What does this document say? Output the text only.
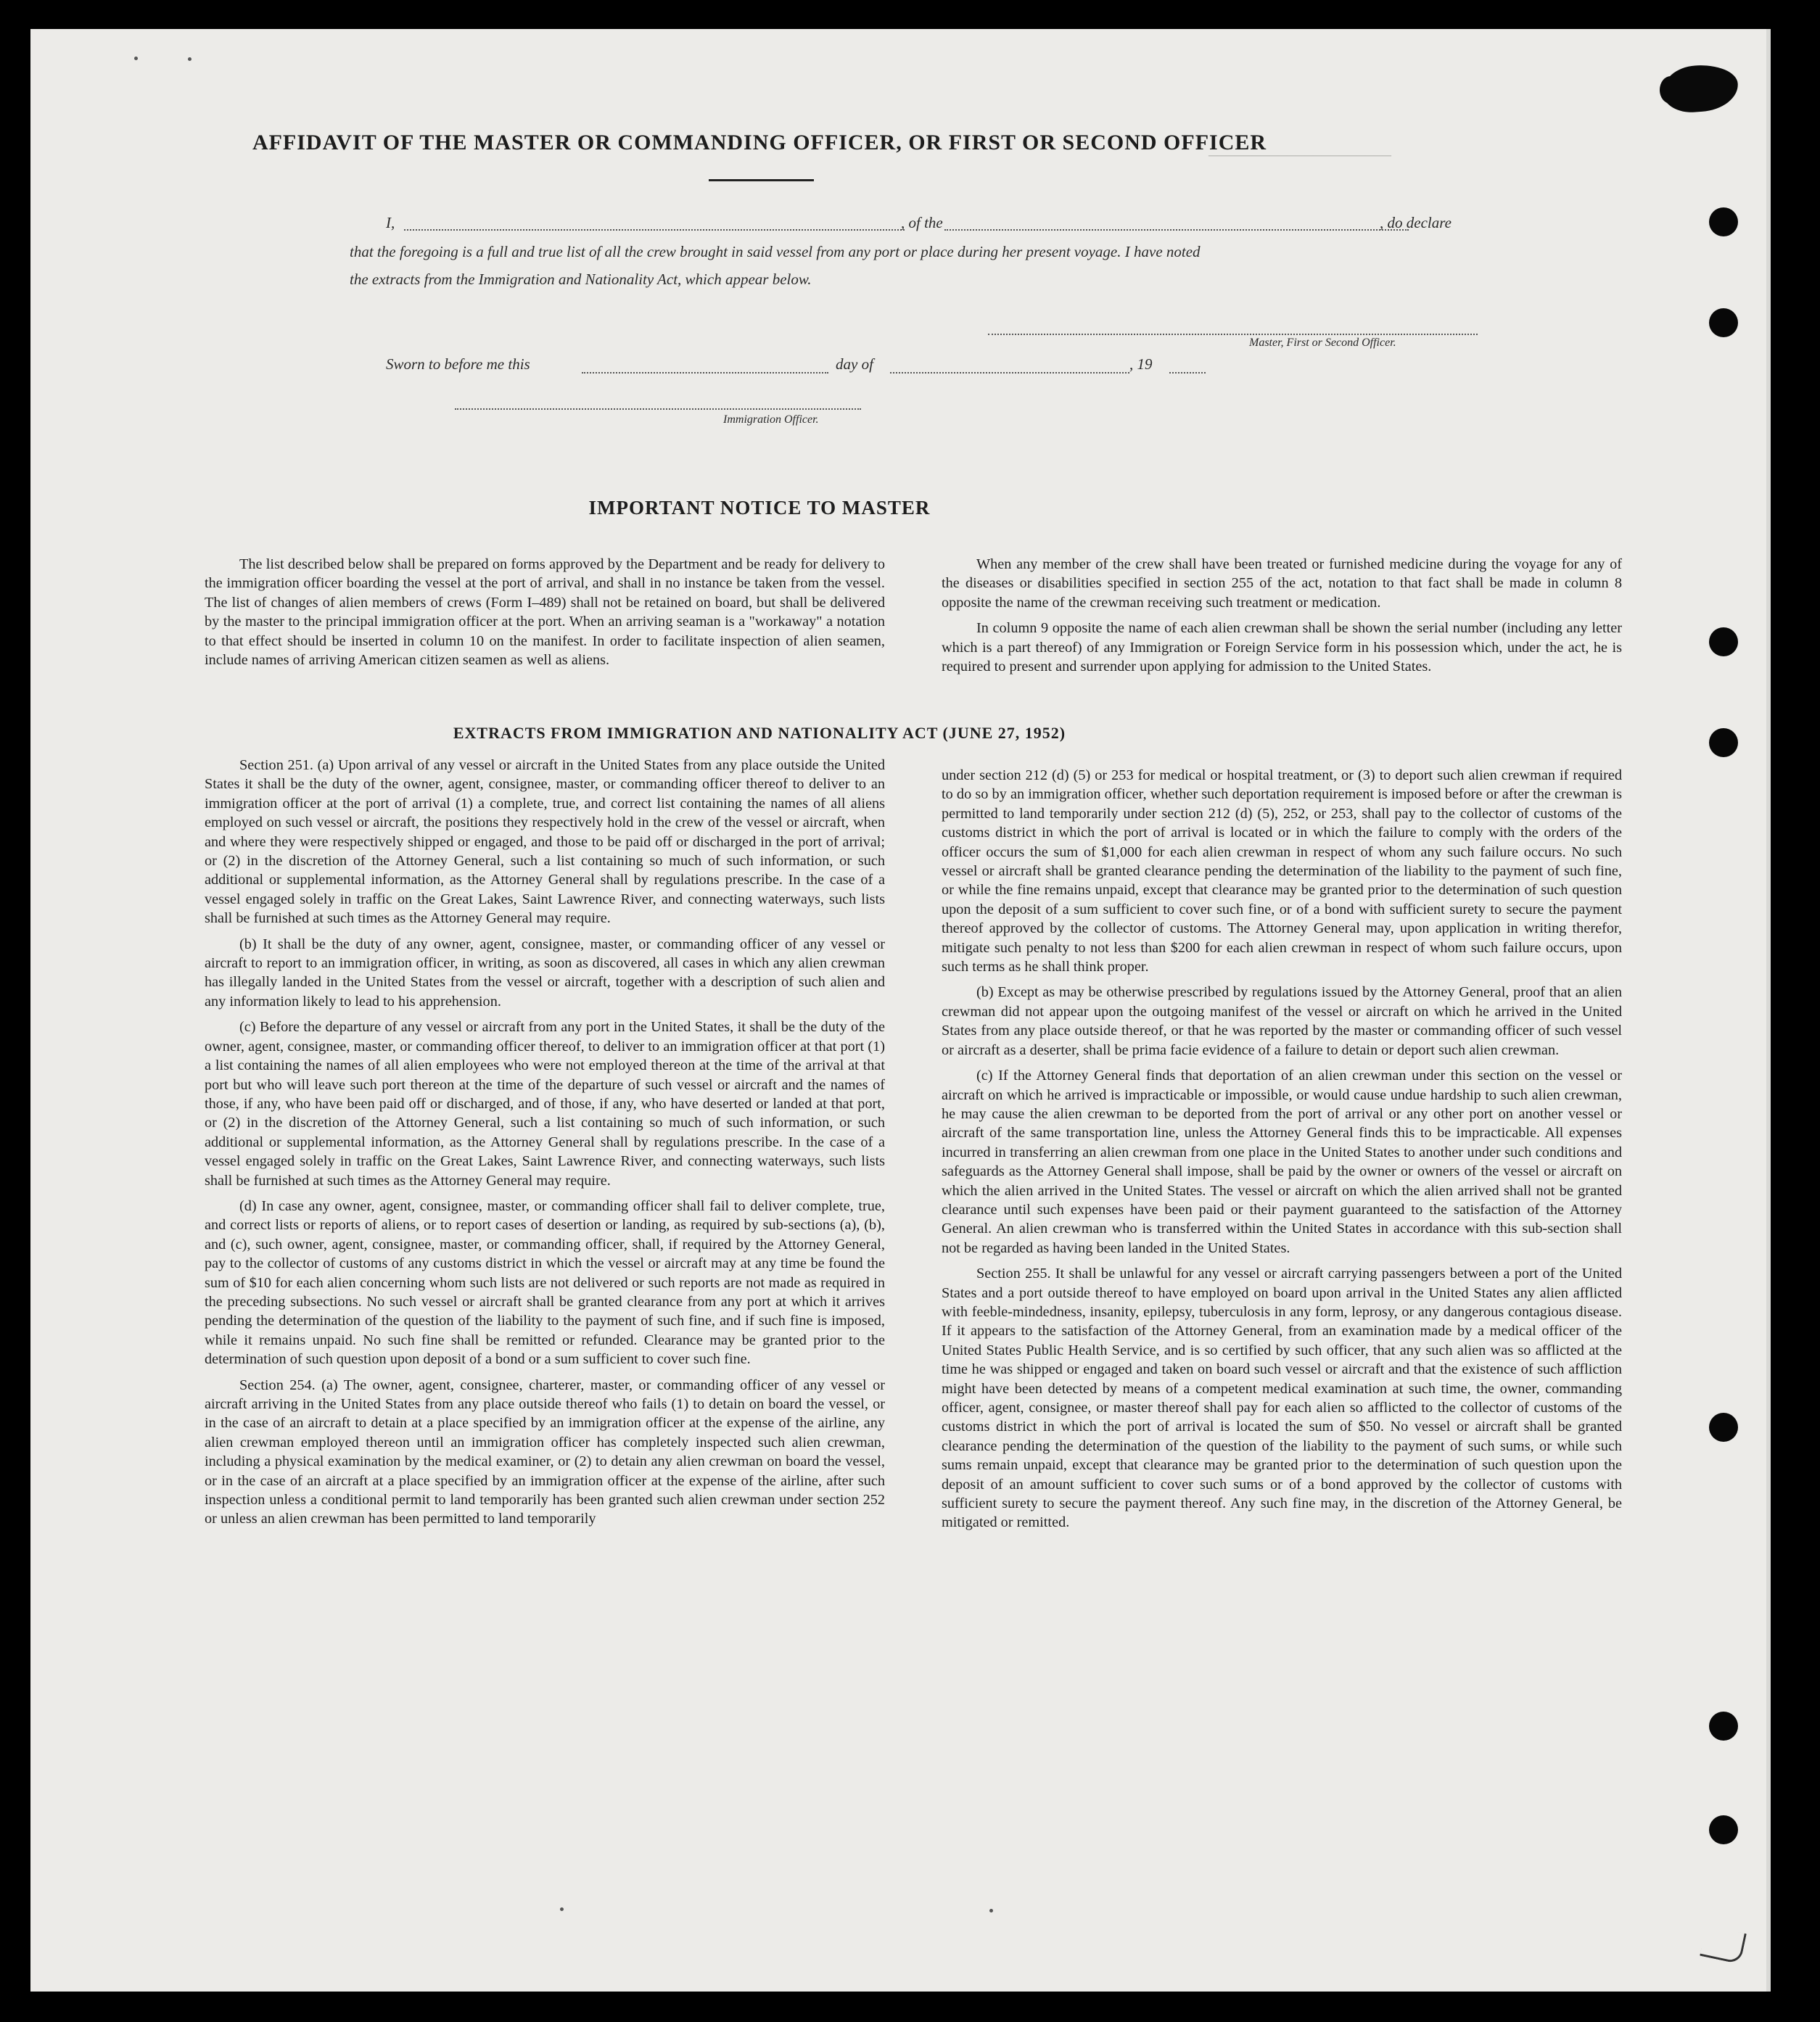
─────────────────────

AFFIDAVIT OF THE MASTER OR COMMANDING OFFICER, OR FIRST OR SECOND OFFICER
I,	, of the	, do declare
that the foregoing is a full and true list of all the crew brought in said vessel from any port or place during her present voyage. I have noted
the extracts from the Immigration and Nationality Act, which appear below.
Master, First or Second Officer.
Sworn to before me this	day of	, 19
Immigration Officer.
IMPORTANT NOTICE TO MASTER

The list described below shall be prepared on forms approved by the Department and be ready for delivery to the immigration officer boarding the vessel at the port of arrival, and shall in no instance be taken from the vessel. The list of changes of alien members of crews (Form I–489) shall not be retained on board, but shall be delivered by the master to the principal immigration officer at the port. When an arriving seaman is a "workaway" a notation to that effect should be inserted in column 10 on the manifest. In order to facilitate inspection of alien seamen, include names of arriving American citizen seamen as well as aliens.

When any member of the crew shall have been treated or furnished medicine during the voyage for any of the diseases or disabilities specified in section 255 of the act, notation to that fact shall be made in column 8 opposite the name of the crewman receiving such treatment or medication.

In column 9 opposite the name of each alien crewman shall be shown the serial number (including any letter which is a part thereof) of any Immigration or Foreign Service form in his possession which, under the act, he is required to present and surrender upon applying for admission to the United States.

EXTRACTS FROM IMMIGRATION AND NATIONALITY ACT (JUNE 27, 1952)

Section 251. (a) Upon arrival of any vessel or aircraft in the United States from any place outside the United States it shall be the duty of the owner, agent, consignee, master, or commanding officer thereof to deliver to an immigration officer at the port of arrival (1) a complete, true, and correct list containing the names of all aliens employed on such vessel or aircraft, the positions they respectively hold in the crew of the vessel or aircraft, when and where they were respectively shipped or engaged, and those to be paid off or discharged in the port of arrival; or (2) in the discretion of the Attorney General, such a list containing so much of such information, or such additional or supplemental information, as the Attorney General shall by regulations prescribe. In the case of a vessel engaged solely in traffic on the Great Lakes, Saint Lawrence River, and connecting waterways, such lists shall be furnished at such times as the Attorney General may require.

(b) It shall be the duty of any owner, agent, consignee, master, or commanding officer of any vessel or aircraft to report to an immigration officer, in writing, as soon as discovered, all cases in which any alien crewman has illegally landed in the United States from the vessel or aircraft, together with a description of such alien and any information likely to lead to his apprehension.

(c) Before the departure of any vessel or aircraft from any port in the United States, it shall be the duty of the owner, agent, consignee, master, or commanding officer thereof, to deliver to an immigration officer at that port (1) a list containing the names of all alien employees who were not employed thereon at the time of the arrival at that port but who will leave such port thereon at the time of the departure of such vessel or aircraft and the names of those, if any, who have been paid off or discharged, and of those, if any, who have deserted or landed at that port, or (2) in the discretion of the Attorney General, such a list containing so much of such information, or such additional or supplemental information, as the Attorney General shall by regulations prescribe. In the case of a vessel engaged solely in traffic on the Great Lakes, Saint Lawrence River, and connecting waterways, such lists shall be furnished at such times as the Attorney General may require.

(d) In case any owner, agent, consignee, master, or commanding officer shall fail to deliver complete, true, and correct lists or reports of aliens, or to report cases of desertion or landing, as required by sub-sections (a), (b), and (c), such owner, agent, consignee, master, or commanding officer, shall, if required by the Attorney General, pay to the collector of customs of any customs district in which the vessel or aircraft may at any time be found the sum of $10 for each alien concerning whom such lists are not delivered or such reports are not made as required in the preceding subsections. No such vessel or aircraft shall be granted clearance from any port at which it arrives pending the determination of the question of the liability to the payment of such fine, and if such fine is imposed, while it remains unpaid. No such fine shall be remitted or refunded. Clearance may be granted prior to the determination of such question upon deposit of a bond or a sum sufficient to cover such fine.

Section 254. (a) The owner, agent, consignee, charterer, master, or commanding officer of any vessel or aircraft arriving in the United States from any place outside thereof who fails (1) to detain on board the vessel, or in the case of an aircraft to detain at a place specified by an immigration officer at the expense of the airline, any alien crewman employed thereon until an immigration officer has completely inspected such alien crewman, including a physical examination by the medical examiner, or (2) to detain any alien crewman on board the vessel, or in the case of an aircraft at a place specified by an immigration officer at the expense of the airline, after such inspection unless a conditional permit to land temporarily has been granted such alien crewman under section 252 or unless an alien crewman has been permitted to land temporarily

under section 212 (d) (5) or 253 for medical or hospital treatment, or (3) to deport such alien crewman if required to do so by an immigration officer, whether such deportation requirement is imposed before or after the crewman is permitted to land temporarily under section 212 (d) (5), 252, or 253, shall pay to the collector of customs of the customs district in which the port of arrival is located or in which the failure to comply with the orders of the officer occurs the sum of $1,000 for each alien crewman in respect of whom any such failure occurs. No such vessel or aircraft shall be granted clearance pending the determination of the liability to the payment of such fine, or while the fine remains unpaid, except that clearance may be granted prior to the determination of such question upon the deposit of a sum sufficient to cover such fine, or of a bond with sufficient surety to secure the payment thereof approved by the collector of customs. The Attorney General may, upon application in writing therefor, mitigate such penalty to not less than $200 for each alien crewman in respect of whom such failure occurs, upon such terms as he shall think proper.

(b) Except as may be otherwise prescribed by regulations issued by the Attorney General, proof that an alien crewman did not appear upon the outgoing manifest of the vessel or aircraft on which he arrived in the United States from any place outside thereof, or that he was reported by the master or commanding officer of such vessel or aircraft as a deserter, shall be prima facie evidence of a failure to detain or deport such alien crewman.

(c) If the Attorney General finds that deportation of an alien crewman under this section on the vessel or aircraft on which he arrived is impracticable or impossible, or would cause undue hardship to such alien crewman, he may cause the alien crewman to be deported from the port of arrival or any other port on another vessel or aircraft of the same transportation line, unless the Attorney General finds this to be impracticable. All expenses incurred in transferring an alien crewman from one place in the United States to another under such conditions and safeguards as the Attorney General shall impose, shall be paid by the owner or owners of the vessel or aircraft on which the alien arrived in the United States. The vessel or aircraft on which the alien arrived shall not be granted clearance until such expenses have been paid or their payment guaranteed to the satisfaction of the Attorney General. An alien crewman who is transferred within the United States in accordance with this sub-section shall not be regarded as having been landed in the United States.

Section 255. It shall be unlawful for any vessel or aircraft carrying passengers between a port of the United States and a port outside thereof to have employed on board upon arrival in the United States any alien afflicted with feeble-mindedness, insanity, epilepsy, tuberculosis in any form, leprosy, or any dangerous contagious disease. If it appears to the satisfaction of the Attorney General, from an examination made by a medical officer of the United States Public Health Service, and is so certified by such officer, that any such alien was so afflicted at the time he was shipped or engaged and taken on board such vessel or aircraft and that the existence of such affliction might have been detected by means of a competent medical examination at such time, the owner, commanding officer, agent, consignee, or master thereof shall pay for each alien so afflicted to the collector of customs of the customs district in which the port of arrival is located the sum of $50. No vessel or aircraft shall be granted clearance pending the determination of the question of the liability to the payment of such sums, or while such sums remain unpaid, except that clearance may be granted prior to the determination of such question upon the deposit of an amount sufficient to cover such sums or of a bond approved by the collector of customs with sufficient surety to secure the payment thereof. Any such fine may, in the discretion of the Attorney General, be mitigated or remitted.
